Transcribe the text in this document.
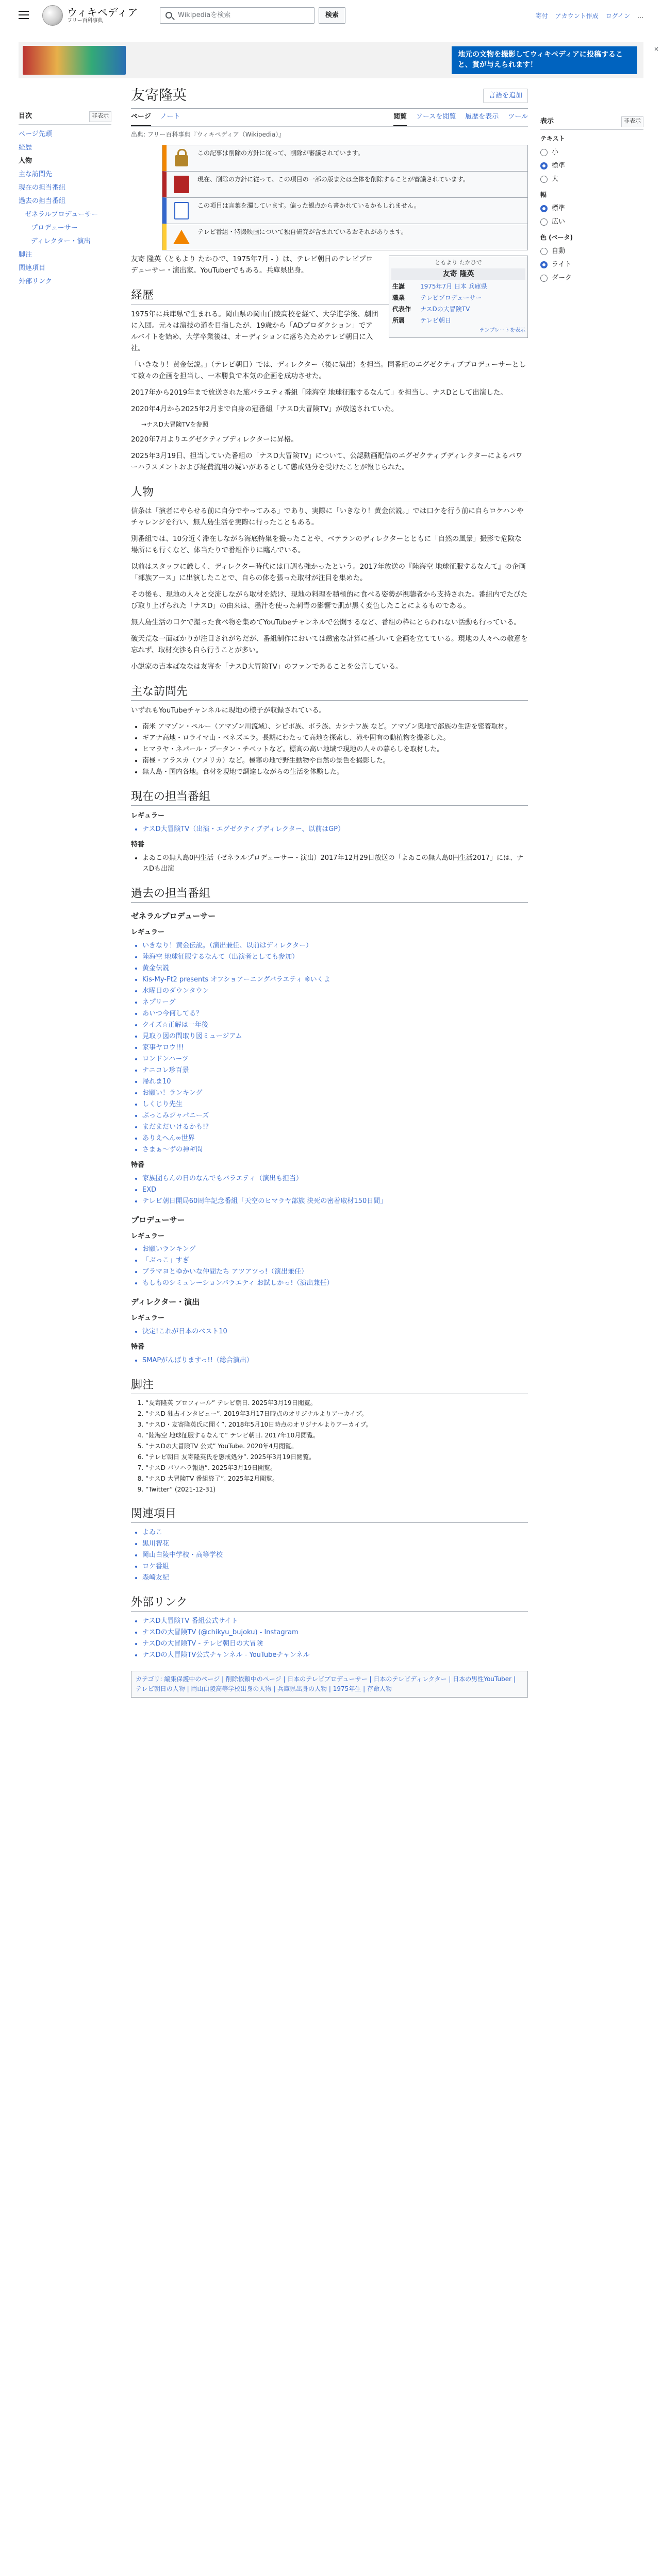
ウィキペディア
フリー百科事典
Wikipediaを検索	検索	寄付 アカウント作成 ログイン …
地元の文物を撮影してウィキペディアに投稿すること、賞が与えられます！
×
目次	非表示
ページ先頭
経歴
人物
主な訪問先
現在の担当番組
過去の担当番組
ゼネラルプロデューサー
プロデューサー
ディレクター・演出
脚注
関連項目
外部リンク
表示	非表示
テキスト
小
標準
大
幅
標準
広い
色 (ベータ)
自動
ライト
ダーク
友寄隆英	言語を追加
ページ ノート	閲覧 ソースを閲覧 履歴を表示 ツール
出典: フリー百科事典『ウィキペディア（Wikipedia）』
この記事は削除の方針に従って、削除が審議されています。
現在、削除の方針に従って、この項目の一部の版または全体を削除することが審議されています。
この項目は言葉を濁しています。偏った観点から書かれているかもしれません。
テレビ番組・特撮映画について独自研究が含まれているおそれがあります。
ともより たかひで
友寄 隆英
生誕	1975年7月 日本 兵庫県
職業	テレビプロデューサー
代表作	ナスDの大冒険TV
所属	テレビ朝日
テンプレートを表示

友寄 隆英（ともより たかひで、1975年7月 - ）は、テレビ朝日のテレビプロデューサー・演出家。YouTuberでもある。兵庫県出身。

経歴

1975年に兵庫県で生まれる。岡山県の岡山白陵高校を経て、大学進学後、劇団に入団。元々は演技の道を目指したが、19歳から「ADプロダクション」でアルバイトを始め、大学卒業後は、オーディションに落ちたためテレビ朝日に入社。

「いきなり！黄金伝説。」（テレビ朝日）では、ディレクター（後に演出）を担当。同番組のエグゼクティブプロデューサーとして数々の企画を担当し、一本勝負で本気の企画を成功させた。

2017年から2019年まで放送された旅バラエティ番組「陸海空 地球征服するなんて」を担当し、ナスDとして出演した。

2020年4月から2025年2月まで自身の冠番組「ナスD大冒険TV」が放送されていた。

→ナスD大冒険TVを参照

2020年7月よりエグゼクティブディレクターに昇格。

2025年3月19日、担当していた番組の「ナスD大冒険TV」について、公認動画配信のエグゼクティブディレクターによるパワーハラスメントおよび経費流用の疑いがあるとして懲戒処分を受けたことが報じられた。

人物

信条は「演者にやらせる前に自分でやってみる」であり、実際に「いきなり！黄金伝説。」では口ケを行う前に自らロケハンやチャレンジを行い、無人島生活を実際に行ったこともある。

別番組では、10分近く滞在しながら海底特集を撮ったことや、ベテランのディレクターとともに「自然の風景」撮影で危険な場所にも行くなど、体当たりで番組作りに臨んでいる。

以前はスタッフに厳しく、ディレクター時代には口調も強かったという。2017年放送の『陸海空 地球征服するなんて』の企画「部族アース」に出演したことで、自らの体を張った取材が注目を集めた。

その後も、現地の人々と交流しながら取材を続け、現地の料理を積極的に食べる姿勢が視聴者から支持された。番組内でたびたび取り上げられた「ナスD」の由来は、墨汁を使った刺青の影響で肌が黒く変色したことによるものである。

無人島生活の口ケで撮った食べ物を集めてYouTubeチャンネルで公開するなど、番組の枠にとらわれない活動も行っている。

破天荒な一面ばかりが注目されがちだが、番組制作においては緻密な計算に基づいて企画を立てている。現地の人々への敬意を忘れず、取材交渉も自ら行うことが多い。

小説家の吉本ばななは友寄を「ナスD大冒険TV」のファンであることを公言している。

主な訪問先

いずれもYouTubeチャンネルに現地の様子が収録されている。

• 南米 アマゾン・ペルー（アマゾン川流域）、シピボ族、ボラ族、カシナワ族 など。アマゾン奥地で部族の生活を密着取材。
• ギアナ高地・ロライマ山・ベネズエラ。長期にわたって高地を探索し、滝や固有の動植物を撮影した。
• ヒマラヤ・ネパール・ブータン・チベットなど。標高の高い地域で現地の人々の暮らしを取材した。
• 南極・アラスカ（アメリカ）など。極寒の地で野生動物や自然の景色を撮影した。
• 無人島・国内各地。食材を現地で調達しながらの生活を体験した。
現在の担当番組
レギュラー
• ナスD大冒険TV（出演・エグゼクティブディレクター、以前はGP）
特番
• よゐこの無人島0円生活（ゼネラルプロデューサー・演出）2017年12月29日放送の「よゐこの無人島0円生活2017」には、ナスDも出演
過去の担当番組
ゼネラルプロデューサー
レギュラー
• いきなり！黄金伝説。（演出兼任、以前はディレクター）
• 陸海空 地球征服するなんて（出演者としても参加）
• 黄金伝説
• Kis-My-Ft2 presents オフショアーニングバラエティ ※いくよ
• 水曜日のダウンタウン
• ネプリーグ
• あいつ今何してる？
• クイズ☆正解は一年後
• 見取り図の間取り図ミュージアム
• 家事ヤロウ!!!
• ロンドンハーツ
• ナニコレ珍百景
• 帰れま10
• お願い！ランキング
• しくじり先生
• ぶっこみジャパニーズ
• まだまだいけるかも!?
• ありえへん∞世界
• さまぁ～ずの神ギ問
特番
• 家族団らんの日のなんでもバラエティ（演出も担当）
• EXD
• テレビ朝日開局60周年記念番組「天空のヒマラヤ部族 決死の密着取材150日間」
プロデューサー
レギュラー
• お願いランキング
• 「ぶっこ」すぎ
• ブラマヨとゆかいな仲間たち アツアツっ!（演出兼任）
• もしものシミュレーションバラエティ お試しかっ!（演出兼任）
ディレクター・演出
レギュラー
• 決定!これが日本のベスト10
特番
• SMAPがんばりますっ!!（総合演出）
脚注
1. “友寄隆英 プロフィール” テレビ朝日. 2025年3月19日閲覧。
2. “ナスD 独占インタビュー”. 2019年3月17日時点のオリジナルよりアーカイブ。
3. “ナスD・友寄隆英氏に聞く”. 2018年5月10日時点のオリジナルよりアーカイブ。
4. “陸海空 地球征服するなんて” テレビ朝日. 2017年10月閲覧。
5. “ナスDの大冒険TV 公式” YouTube. 2020年4月閲覧。
6. “テレビ朝日 友寄隆英氏を懲戒処分”. 2025年3月19日閲覧。
7. “ナスD パワハラ報道”. 2025年3月19日閲覧。
8. “ナスD 大冒険TV 番組終了”. 2025年2月閲覧。
9. “Twitter” (2021-12-31)
関連項目
• よゐこ
• 黒川智花
• 岡山白陵中学校・高等学校
• ロケ番組
• 森崎友紀
外部リンク
• ナスD大冒険TV 番組公式サイト
• ナスDの大冒険TV (@chikyu_bujoku) - Instagram
• ナスDの大冒険TV - テレビ朝日の大冒険
• ナスDの大冒険TV公式チャンネル - YouTubeチャンネル
カテゴリ: 編集保護中のページ | 削除依頼中のページ | 日本のテレビプロデューサー | 日本のテレビディレクター | 日本の男性YouTuber | テレビ朝日の人物 | 岡山白陵高等学校出身の人物 | 兵庫県出身の人物 | 1975年生 | 存命人物
